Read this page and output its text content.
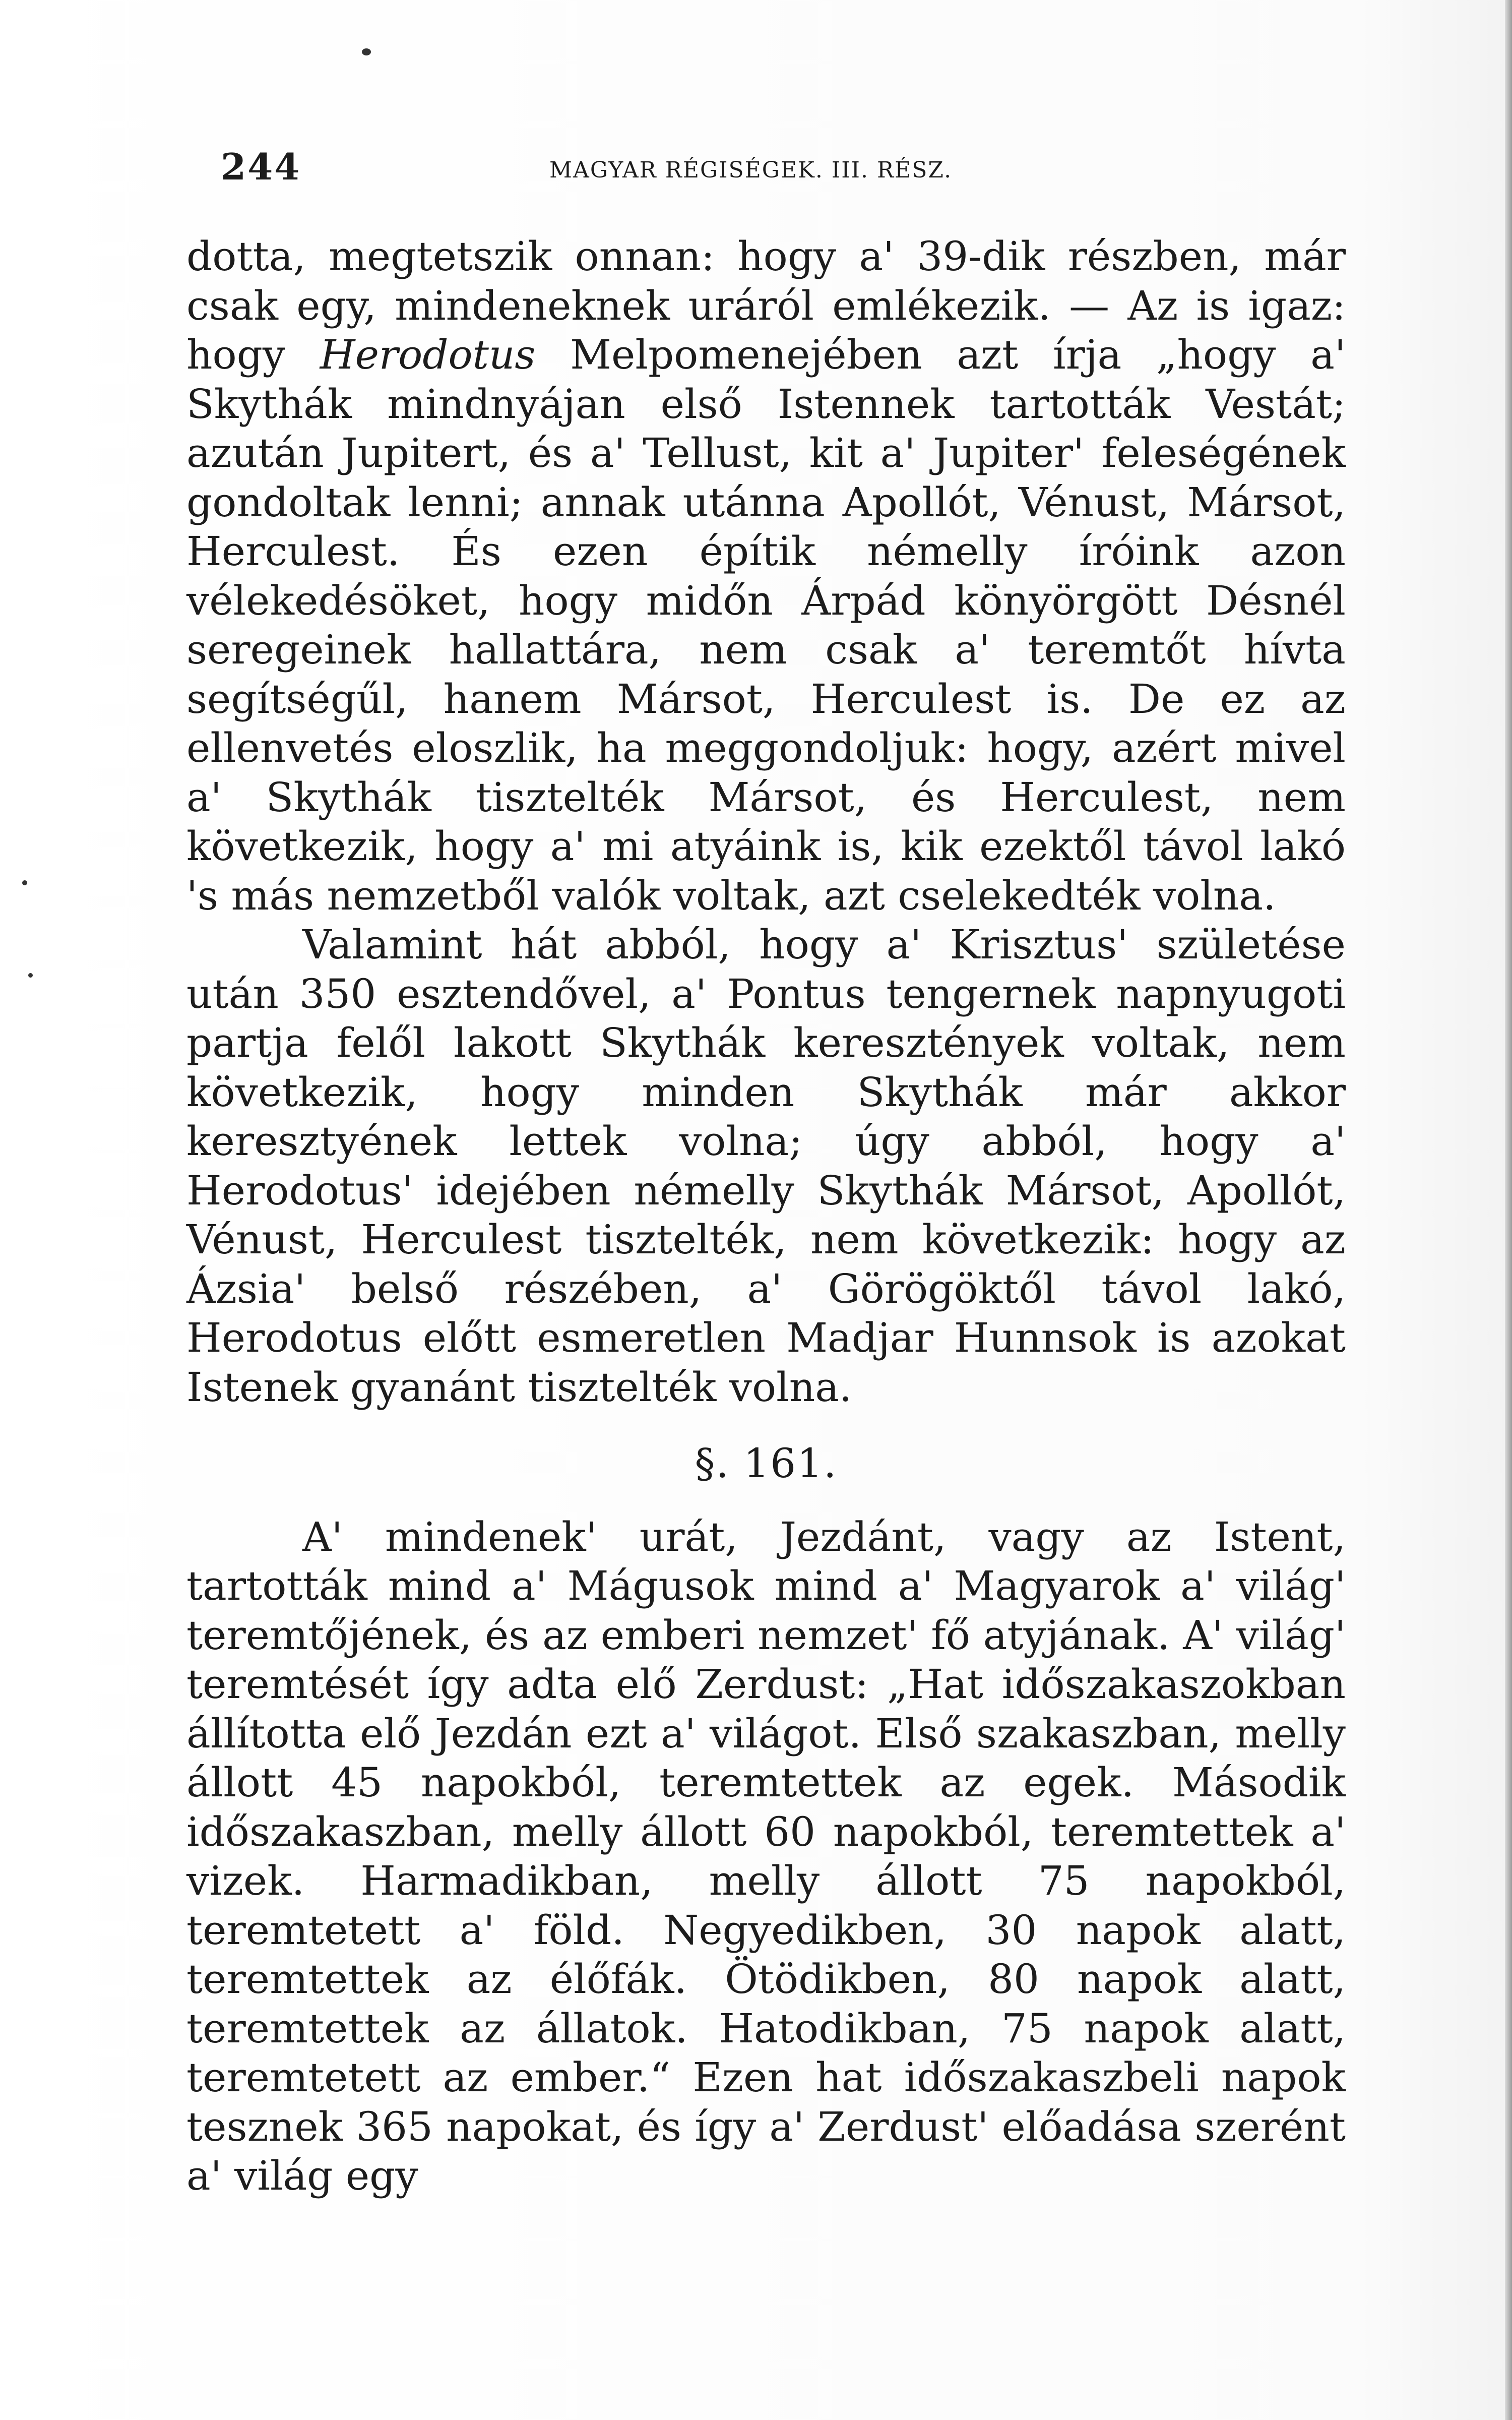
244	MAGYAR RÉGISÉGEK. III. RÉSZ.

dotta, megtetszik onnan: hogy a' 39-dik részben, már csak egy, mindeneknek uráról emlékezik. — Az is igaz: hogy Herodotus Melpomenejében azt írja „hogy a' Skythák mindnyájan első Istennek tartották Vestát; azután Jupitert, és a' Tellust, kit a' Jupiter' feleségének gondoltak lenni; annak utánna Apollót, Vénust, Mársot, Herculest. És ezen építik némelly íróink azon vélekedésöket, hogy midőn Árpád könyörgött Désnél seregeinek hallattára, nem csak a' teremtőt hívta segítségűl, hanem Mársot, Herculest is. De ez az ellenvetés eloszlik, ha meggondoljuk: hogy, azért mivel a' Skythák tisztelték Mársot, és Herculest, nem következik, hogy a' mi atyáink is, kik ezektől távol lakó 's más nemzetből valók voltak, azt cselekedték volna.

Valamint hát abból, hogy a' Krisztus' születése után 350 esztendővel, a' Pontus tengernek napnyugoti partja felől lakott Skythák keresztények voltak, nem következik, hogy minden Skythák már akkor keresztyének lettek volna; úgy abból, hogy a' Herodotus' idejében némelly Skythák Mársot, Apollót, Vénust, Herculest tisztelték, nem következik: hogy az Ázsia' belső részében, a' Görögöktől távol lakó, Herodotus előtt esmeretlen Madjar Hunnsok is azokat Istenek gyanánt tisztelték volna.

§. 161.

A' mindenek' urát, Jezdánt, vagy az Istent, tartották mind a' Mágusok mind a' Magyarok a' világ' teremtőjének, és az emberi nemzet' fő atyjának. A' világ' teremtését így adta elő Zerdust: „Hat időszakaszokban állította elő Jezdán ezt a' világot. Első szakaszban, melly állott 45 napokból, teremtettek az egek. Második időszakaszban, melly állott 60 napokból, teremtettek a' vizek. Harmadikban, melly állott 75 napokból, teremtetett a' föld. Negyedikben, 30 napok alatt, teremtettek az élőfák. Ötödikben, 80 napok alatt, teremtettek az állatok. Hatodikban, 75 napok alatt, teremtetett az ember.“ Ezen hat időszakaszbeli napok tesznek 365 napokat, és így a' Zerdust' előadása szerént a' világ egy
